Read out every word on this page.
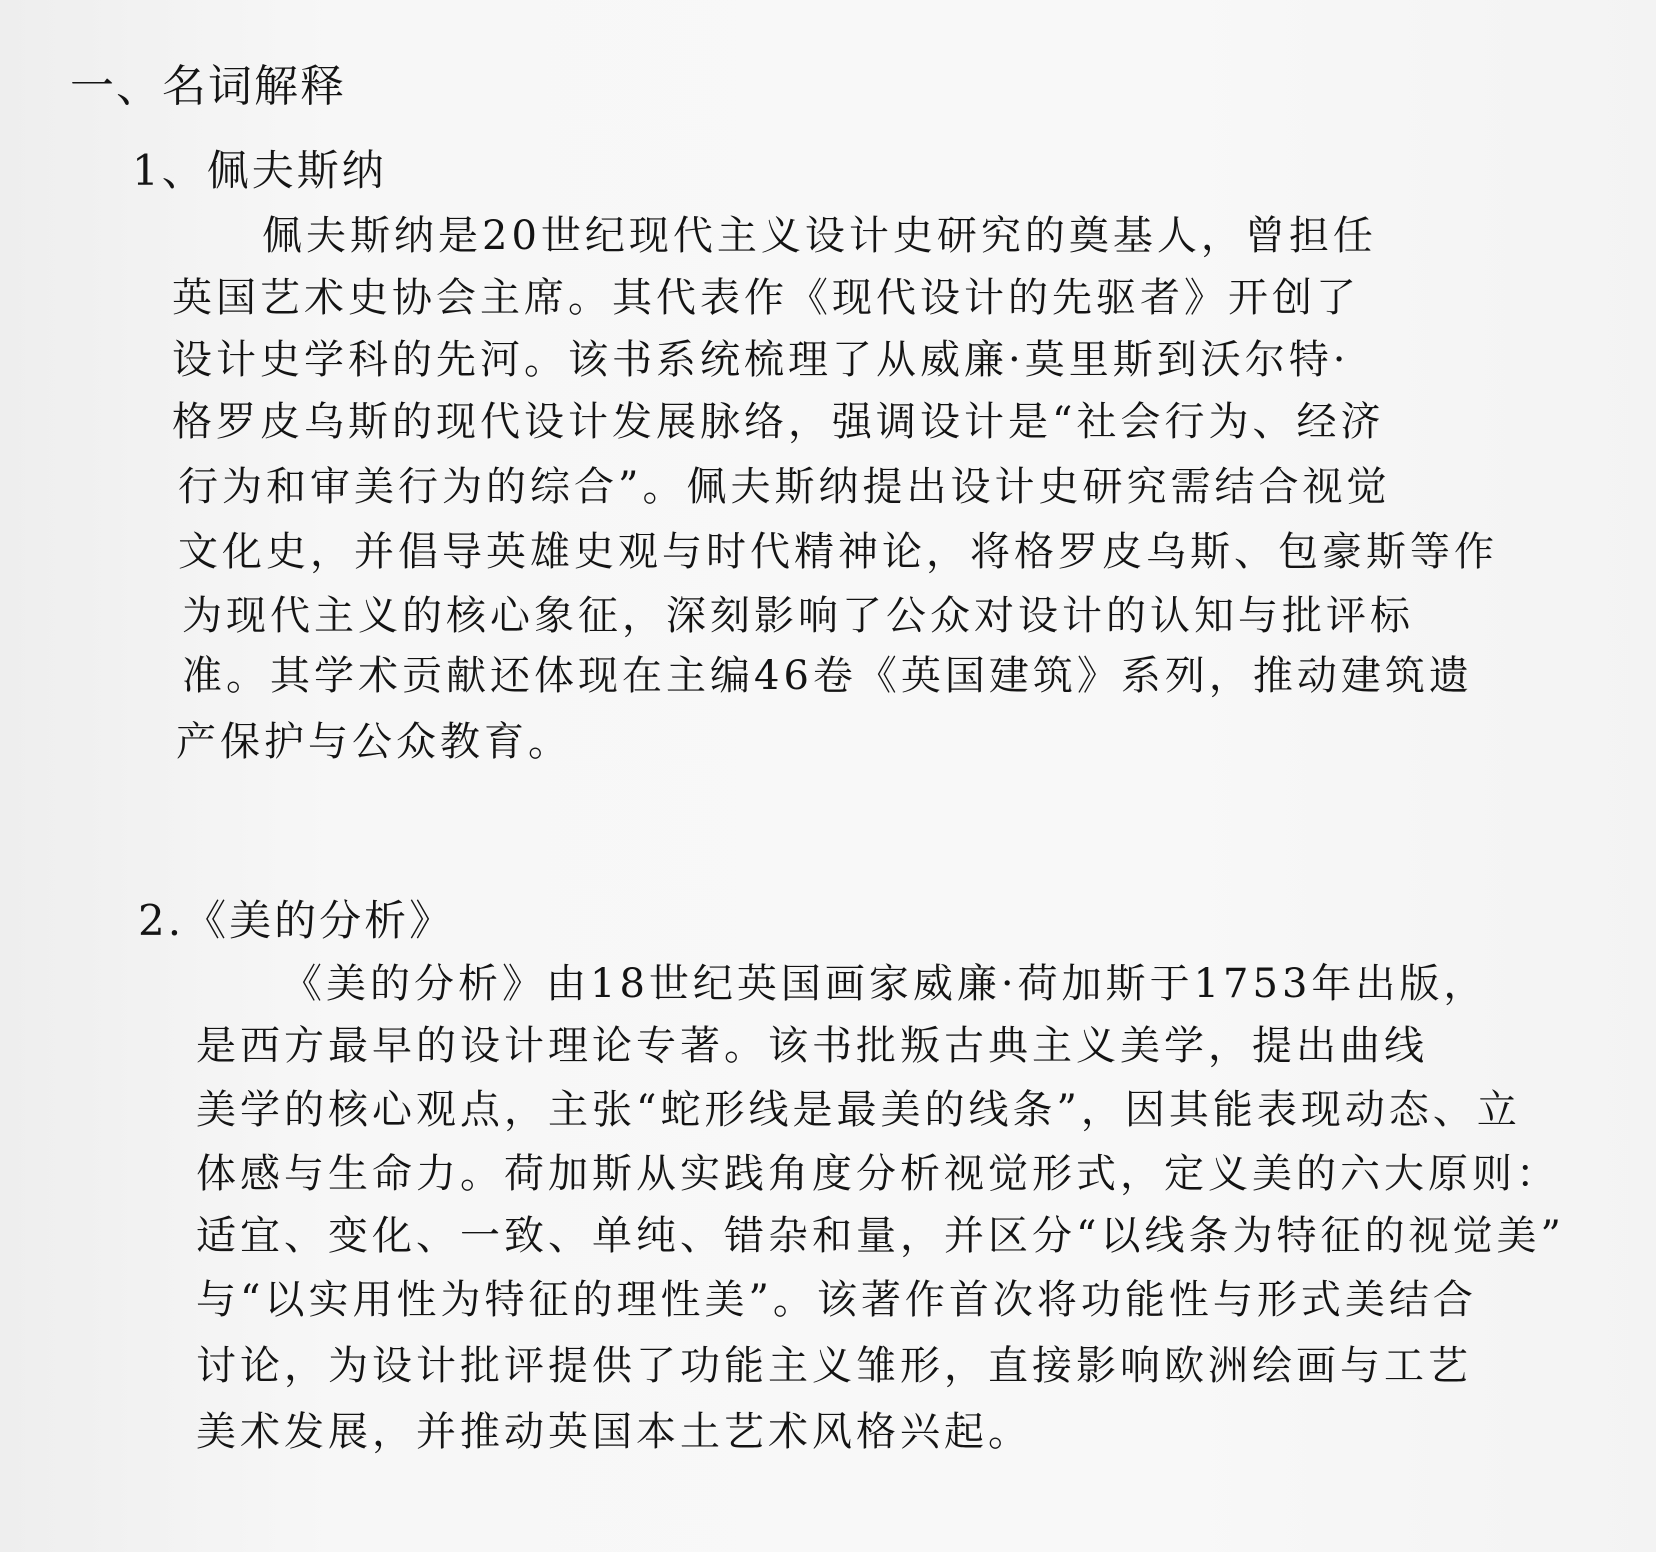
一、名词解释
1、佩夫斯纳
佩夫斯纳是20世纪现代主义设计史研究的奠基人，曾担任
英国艺术史协会主席。其代表作《现代设计的先驱者》开创了
设计史学科的先河。该书系统梳理了从威廉·莫里斯到沃尔特·
格罗皮乌斯的现代设计发展脉络，强调设计是“社会行为、经济
行为和审美行为的综合”。佩夫斯纳提出设计史研究需结合视觉
文化史，并倡导英雄史观与时代精神论，将格罗皮乌斯、包豪斯等作
为现代主义的核心象征，深刻影响了公众对设计的认知与批评标
准。其学术贡献还体现在主编46卷《英国建筑》系列，推动建筑遗
产保护与公众教育。
2.《美的分析》
《美的分析》由18世纪英国画家威廉·荷加斯于1753年出版，
是西方最早的设计理论专著。该书批叛古典主义美学，提出曲线
美学的核心观点，主张“蛇形线是最美的线条”，因其能表现动态、立
体感与生命力。荷加斯从实践角度分析视觉形式，定义美的六大原则：
适宜、变化、一致、单纯、错杂和量，并区分“以线条为特征的视觉美”
与“以实用性为特征的理性美”。该著作首次将功能性与形式美结合
讨论，为设计批评提供了功能主义雏形，直接影响欧洲绘画与工艺
美术发展，并推动英国本土艺术风格兴起。
